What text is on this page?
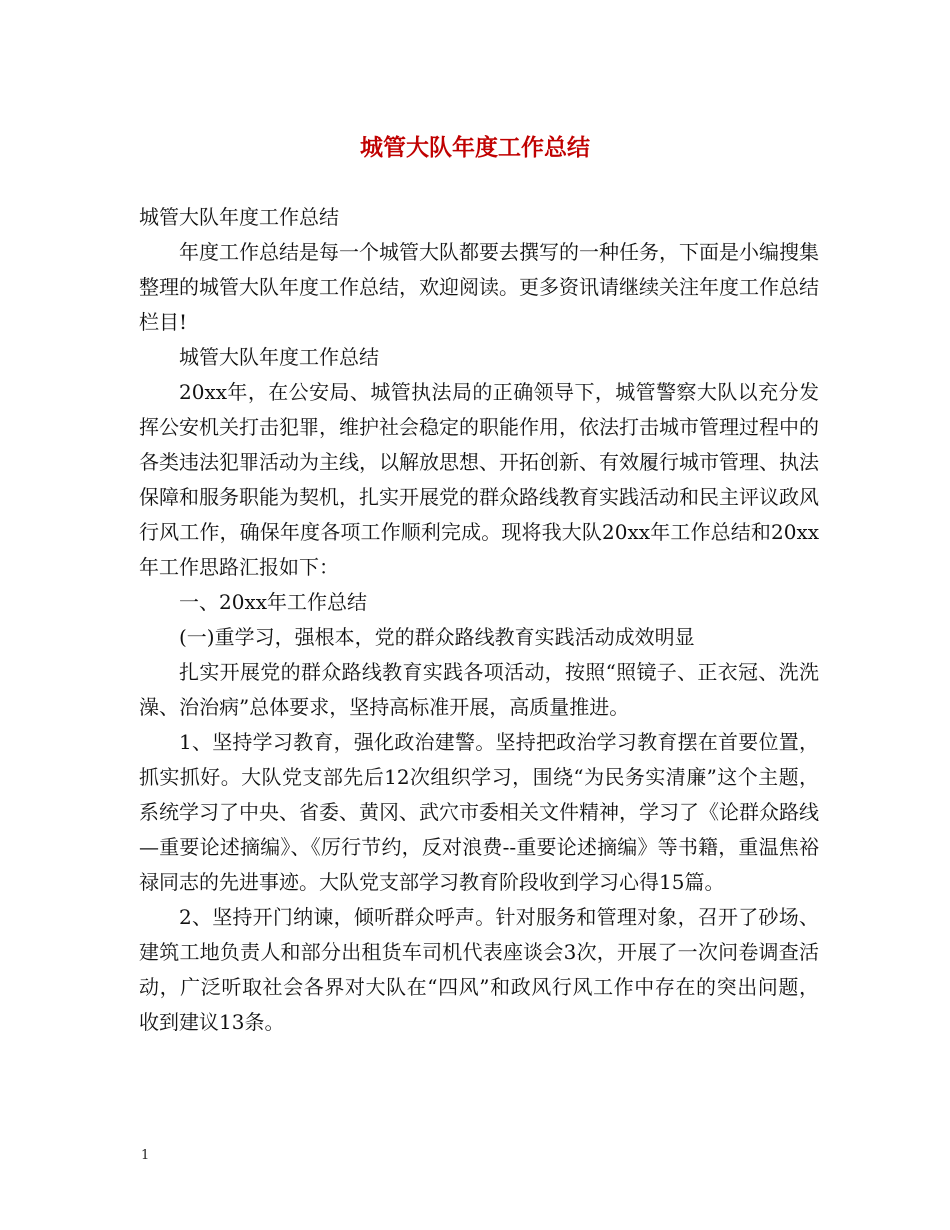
城管大队年度工作总结

城管大队年度工作总结

年度工作总结是每一个城管大队都要去撰写的一种任务，下面是小编搜集整理的城管大队年度工作总结，欢迎阅读。更多资讯请继续关注年度工作总结栏目!

城管大队年度工作总结

20xx年，在公安局、城管执法局的正确领导下，城管警察大队以充分发挥公安机关打击犯罪，维护社会稳定的职能作用，依法打击城市管理过程中的各类违法犯罪活动为主线，以解放思想、开拓创新、有效履行城市管理、执法保障和服务职能为契机，扎实开展党的群众路线教育实践活动和民主评议政风行风工作，确保年度各项工作顺利完成。现将我大队20xx年工作总结和20xx年工作思路汇报如下：

一、20xx年工作总结

(一)重学习，强根本，党的群众路线教育实践活动成效明显

扎实开展党的群众路线教育实践各项活动，按照“照镜子、正衣冠、洗洗澡、治治病”总体要求，坚持高标准开展，高质量推进。

1、坚持学习教育，强化政治建警。坚持把政治学习教育摆在首要位置，抓实抓好。大队党支部先后12次组织学习，围绕“为民务实清廉”这个主题，系统学习了中央、省委、黄冈、武穴市委相关文件精神，学习了《论群众路线—重要论述摘编》、《厉行节约，反对浪费--重要论述摘编》等书籍，重温焦裕禄同志的先进事迹。大队党支部学习教育阶段收到学习心得15篇。

2、坚持开门纳谏，倾听群众呼声。针对服务和管理对象，召开了砂场、建筑工地负责人和部分出租货车司机代表座谈会3次，开展了一次问卷调查活动，广泛听取社会各界对大队在“四风”和政风行风工作中存在的突出问题，收到建议13条。

1
